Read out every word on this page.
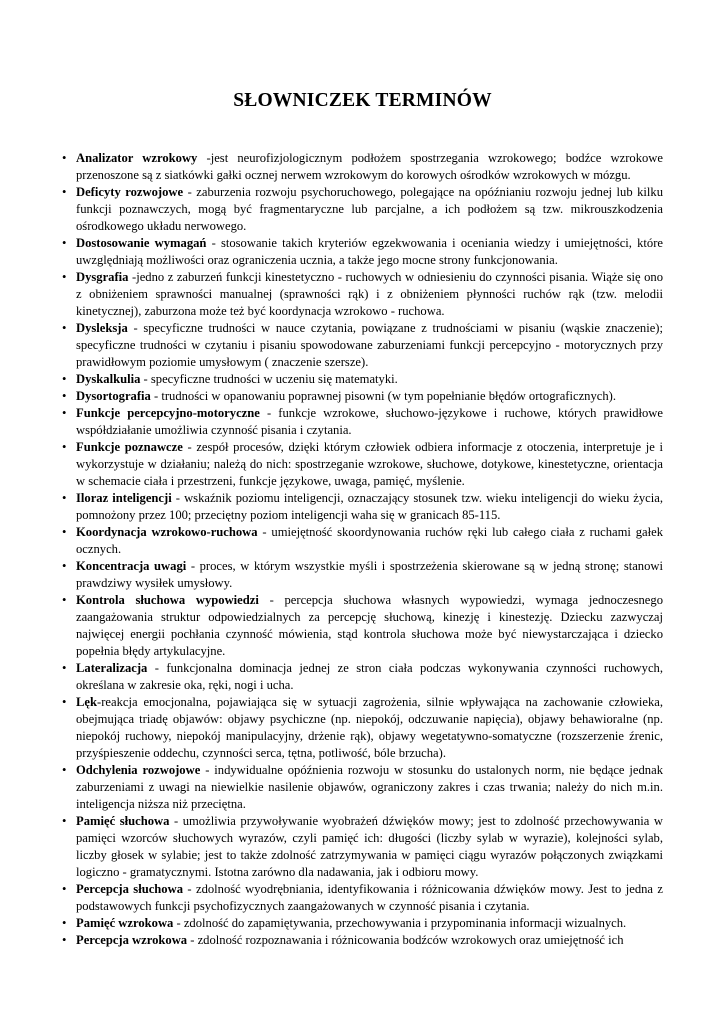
SŁOWNICZEK TERMINÓW
• Analizator wzrokowy -jest neurofizjologicznym podłożem spostrzegania wzrokowego; bodźce wzrokowe przenoszone są z siatkówki gałki ocznej nerwem wzrokowym do korowych ośrodków wzrokowych w mózgu.
• Deficyty rozwojowe - zaburzenia rozwoju psychoruchowego, polegające na opóźnianiu rozwoju jednej lub kilku funkcji poznawczych, mogą być fragmentaryczne lub parcjalne, a ich podłożem są tzw. mikrouszkodzenia ośrodkowego układu nerwowego.
• Dostosowanie wymagań - stosowanie takich kryteriów egzekwowania i oceniania wiedzy i umiejętności, które uwzględniają możliwości oraz ograniczenia ucznia, a także jego mocne strony funkcjonowania.
• Dysgrafia -jedno z zaburzeń funkcji kinestetyczno - ruchowych w odniesieniu do czynności pisania. Wiąże się ono z obniżeniem sprawności manualnej (sprawności rąk) i z obniżeniem płynności ruchów rąk (tzw. melodii kinetycznej), zaburzona może też być koordynacja wzrokowo - ruchowa.
• Dysleksja - specyficzne trudności w nauce czytania, powiązane z trudnościami w pisaniu (wąskie znaczenie); specyficzne trudności w czytaniu i pisaniu spowodowane zaburzeniami funkcji percepcyjno - motorycznych przy prawidłowym poziomie umysłowym ( znaczenie szersze).
• Dyskalkulia - specyficzne trudności w uczeniu się matematyki.
• Dysortografia - trudności w opanowaniu poprawnej pisowni (w tym popełnianie błędów ortograficznych).
• Funkcje percepcyjno-motoryczne - funkcje wzrokowe, słuchowo-językowe i ruchowe, których prawidłowe współdziałanie umożliwia czynność pisania i czytania.
• Funkcje poznawcze - zespół procesów, dzięki którym człowiek odbiera informacje z otoczenia, interpretuje je i wykorzystuje w działaniu; należą do nich: spostrzeganie wzrokowe, słuchowe, dotykowe, kinestetyczne, orientacja w schemacie ciała i przestrzeni, funkcje językowe, uwaga, pamięć, myślenie.
• Iloraz inteligencji - wskaźnik poziomu inteligencji, oznaczający stosunek tzw. wieku inteligencji do wieku życia, pomnożony przez 100; przeciętny poziom inteligencji waha się w granicach 85-115.
• Koordynacja wzrokowo-ruchowa - umiejętność skoordynowania ruchów ręki lub całego ciała z ruchami gałek ocznych.
• Koncentracja uwagi - proces, w którym wszystkie myśli i spostrzeżenia skierowane są w jedną stronę; stanowi prawdziwy wysiłek umysłowy.
• Kontrola słuchowa wypowiedzi - percepcja słuchowa własnych wypowiedzi, wymaga jednoczesnego zaangażowania struktur odpowiedzialnych za percepcję słuchową, kinezję i kinestezję. Dziecku zazwyczaj najwięcej energii pochłania czynność mówienia, stąd kontrola słuchowa może być niewystarczająca i dziecko popełnia błędy artykulacyjne.
• Lateralizacja - funkcjonalna dominacja jednej ze stron ciała podczas wykonywania czynności ruchowych, określana w zakresie oka, ręki, nogi i ucha.
• Lęk-reakcja emocjonalna, pojawiająca się w sytuacji zagrożenia, silnie wpływająca na zachowanie człowieka, obejmująca triadę objawów: objawy psychiczne (np. niepokój, odczuwanie napięcia), objawy behawioralne (np. niepokój ruchowy, niepokój manipulacyjny, drżenie rąk), objawy wegetatywno-somatyczne (rozszerzenie źrenic, przyśpieszenie oddechu, czynności serca, tętna, potliwość, bóle brzucha).
• Odchylenia rozwojowe - indywidualne opóźnienia rozwoju w stosunku do ustalonych norm, nie będące jednak zaburzeniami z uwagi na niewielkie nasilenie objawów, ograniczony zakres i czas trwania; należy do nich m.in. inteligencja niższa niż przeciętna.
• Pamięć słuchowa - umożliwia przywoływanie wyobrażeń dźwięków mowy; jest to zdolność przechowywania w pamięci wzorców słuchowych wyrazów, czyli pamięć ich: długości (liczby sylab w wyrazie), kolejności sylab, liczby głosek w sylabie; jest to także zdolność zatrzymywania w pamięci ciągu wyrazów połączonych związkami logiczno - gramatycznymi. Istotna zarówno dla nadawania, jak i odbioru mowy.
• Percepcja słuchowa - zdolność wyodrębniania, identyfikowania i różnicowania dźwięków mowy. Jest to jedna z podstawowych funkcji psychofizycznych zaangażowanych w czynność pisania i czytania.
• Pamięć wzrokowa - zdolność do zapamiętywania, przechowywania i przypominania informacji wizualnych.
• Percepcja wzrokowa - zdolność rozpoznawania i różnicowania bodźców wzrokowych oraz umiejętność ich
